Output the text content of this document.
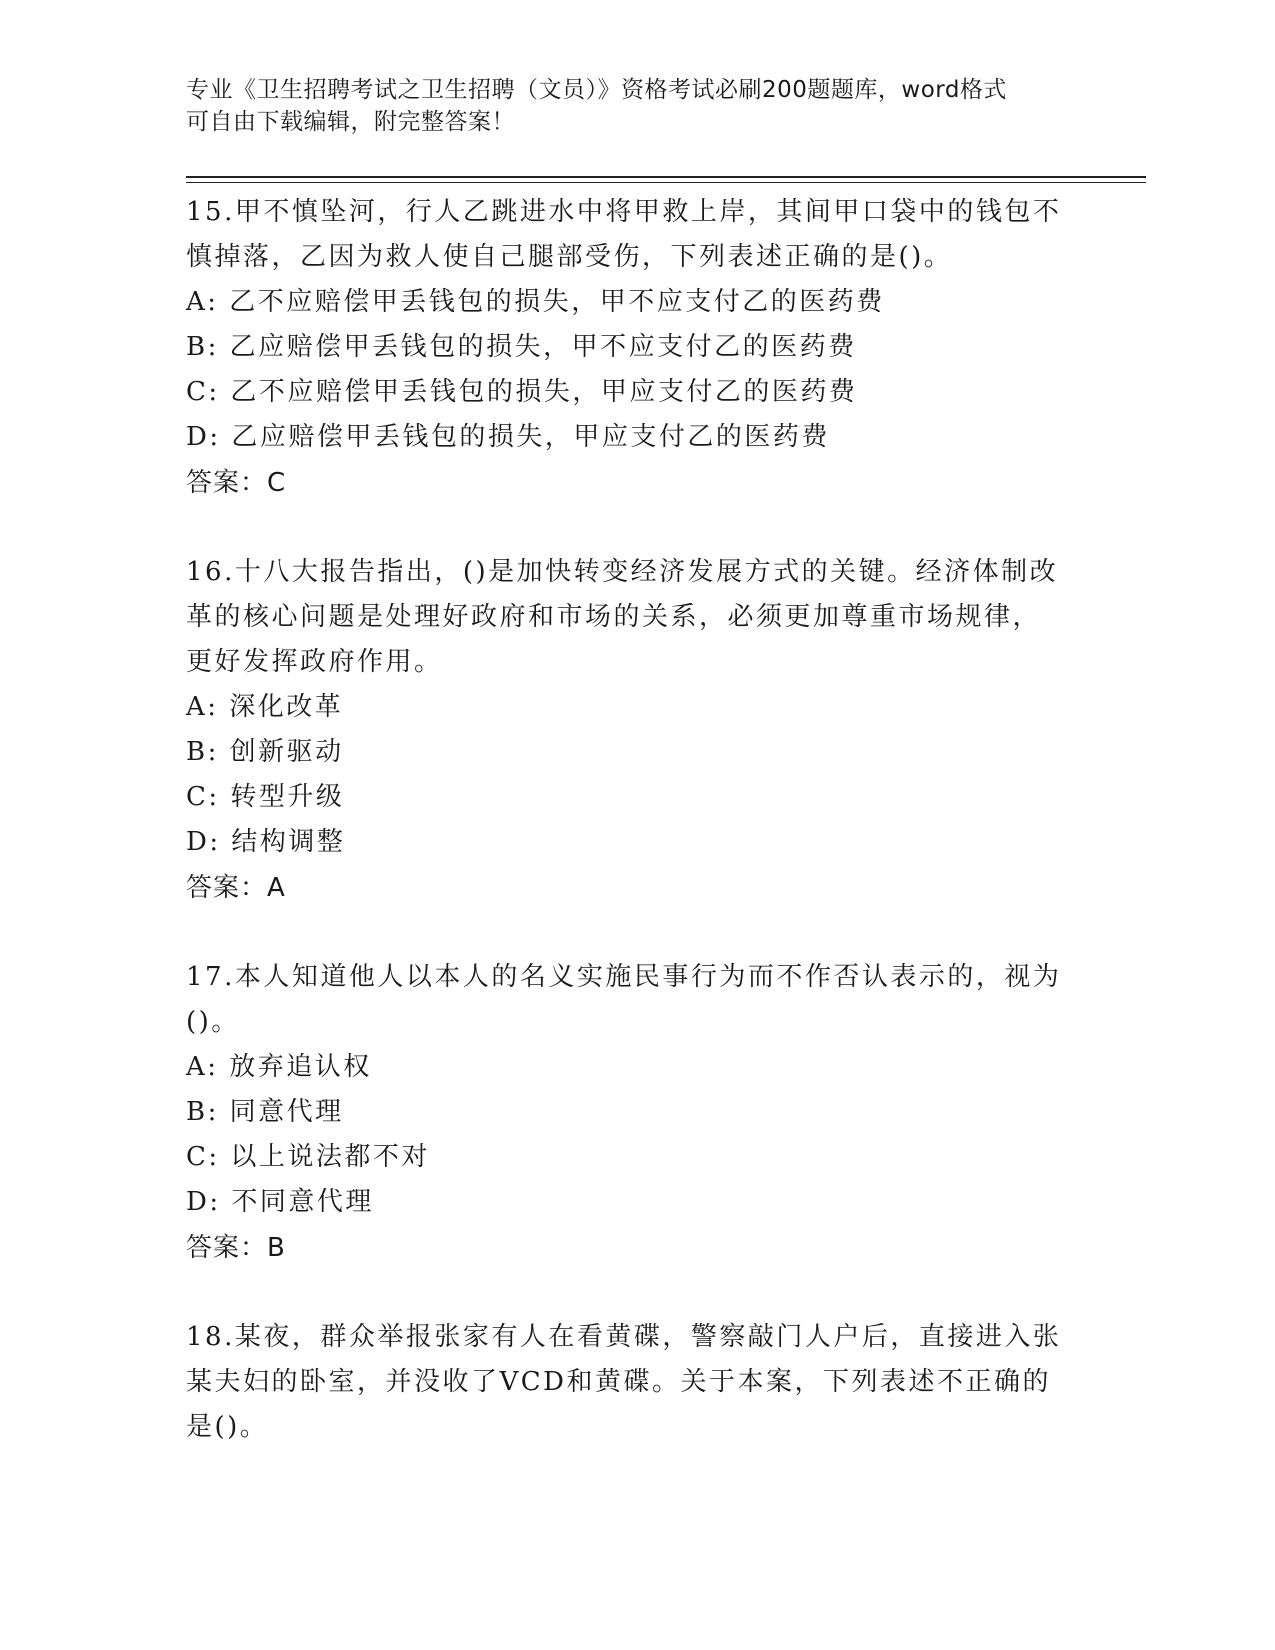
专业《卫生招聘考试之卫生招聘（文员）》资格考试必刷200题题库，word格式
可自由下载编辑，附完整答案！

15.甲不慎坠河，行人乙跳进水中将甲救上岸，其间甲口袋中的钱包不

慎掉落，乙因为救人使自己腿部受伤，下列表述正确的是()。

A: 乙不应赔偿甲丢钱包的损失，甲不应支付乙的医药费

B: 乙应赔偿甲丢钱包的损失，甲不应支付乙的医药费

C: 乙不应赔偿甲丢钱包的损失，甲应支付乙的医药费

D: 乙应赔偿甲丢钱包的损失，甲应支付乙的医药费

答案：C

16.十八大报告指出，()是加快转变经济发展方式的关键。经济体制改

革的核心问题是处理好政府和市场的关系，必须更加尊重市场规律，

更好发挥政府作用。

A: 深化改革

B: 创新驱动

C: 转型升级

D: 结构调整

答案：A

17.本人知道他人以本人的名义实施民事行为而不作否认表示的，视为

()。

A: 放弃追认权

B: 同意代理

C: 以上说法都不对

D: 不同意代理

答案：B

18.某夜，群众举报张家有人在看黄碟，警察敲门人户后，直接进入张

某夫妇的卧室，并没收了VCD和黄碟。关于本案，下列表述不正确的

是()。
